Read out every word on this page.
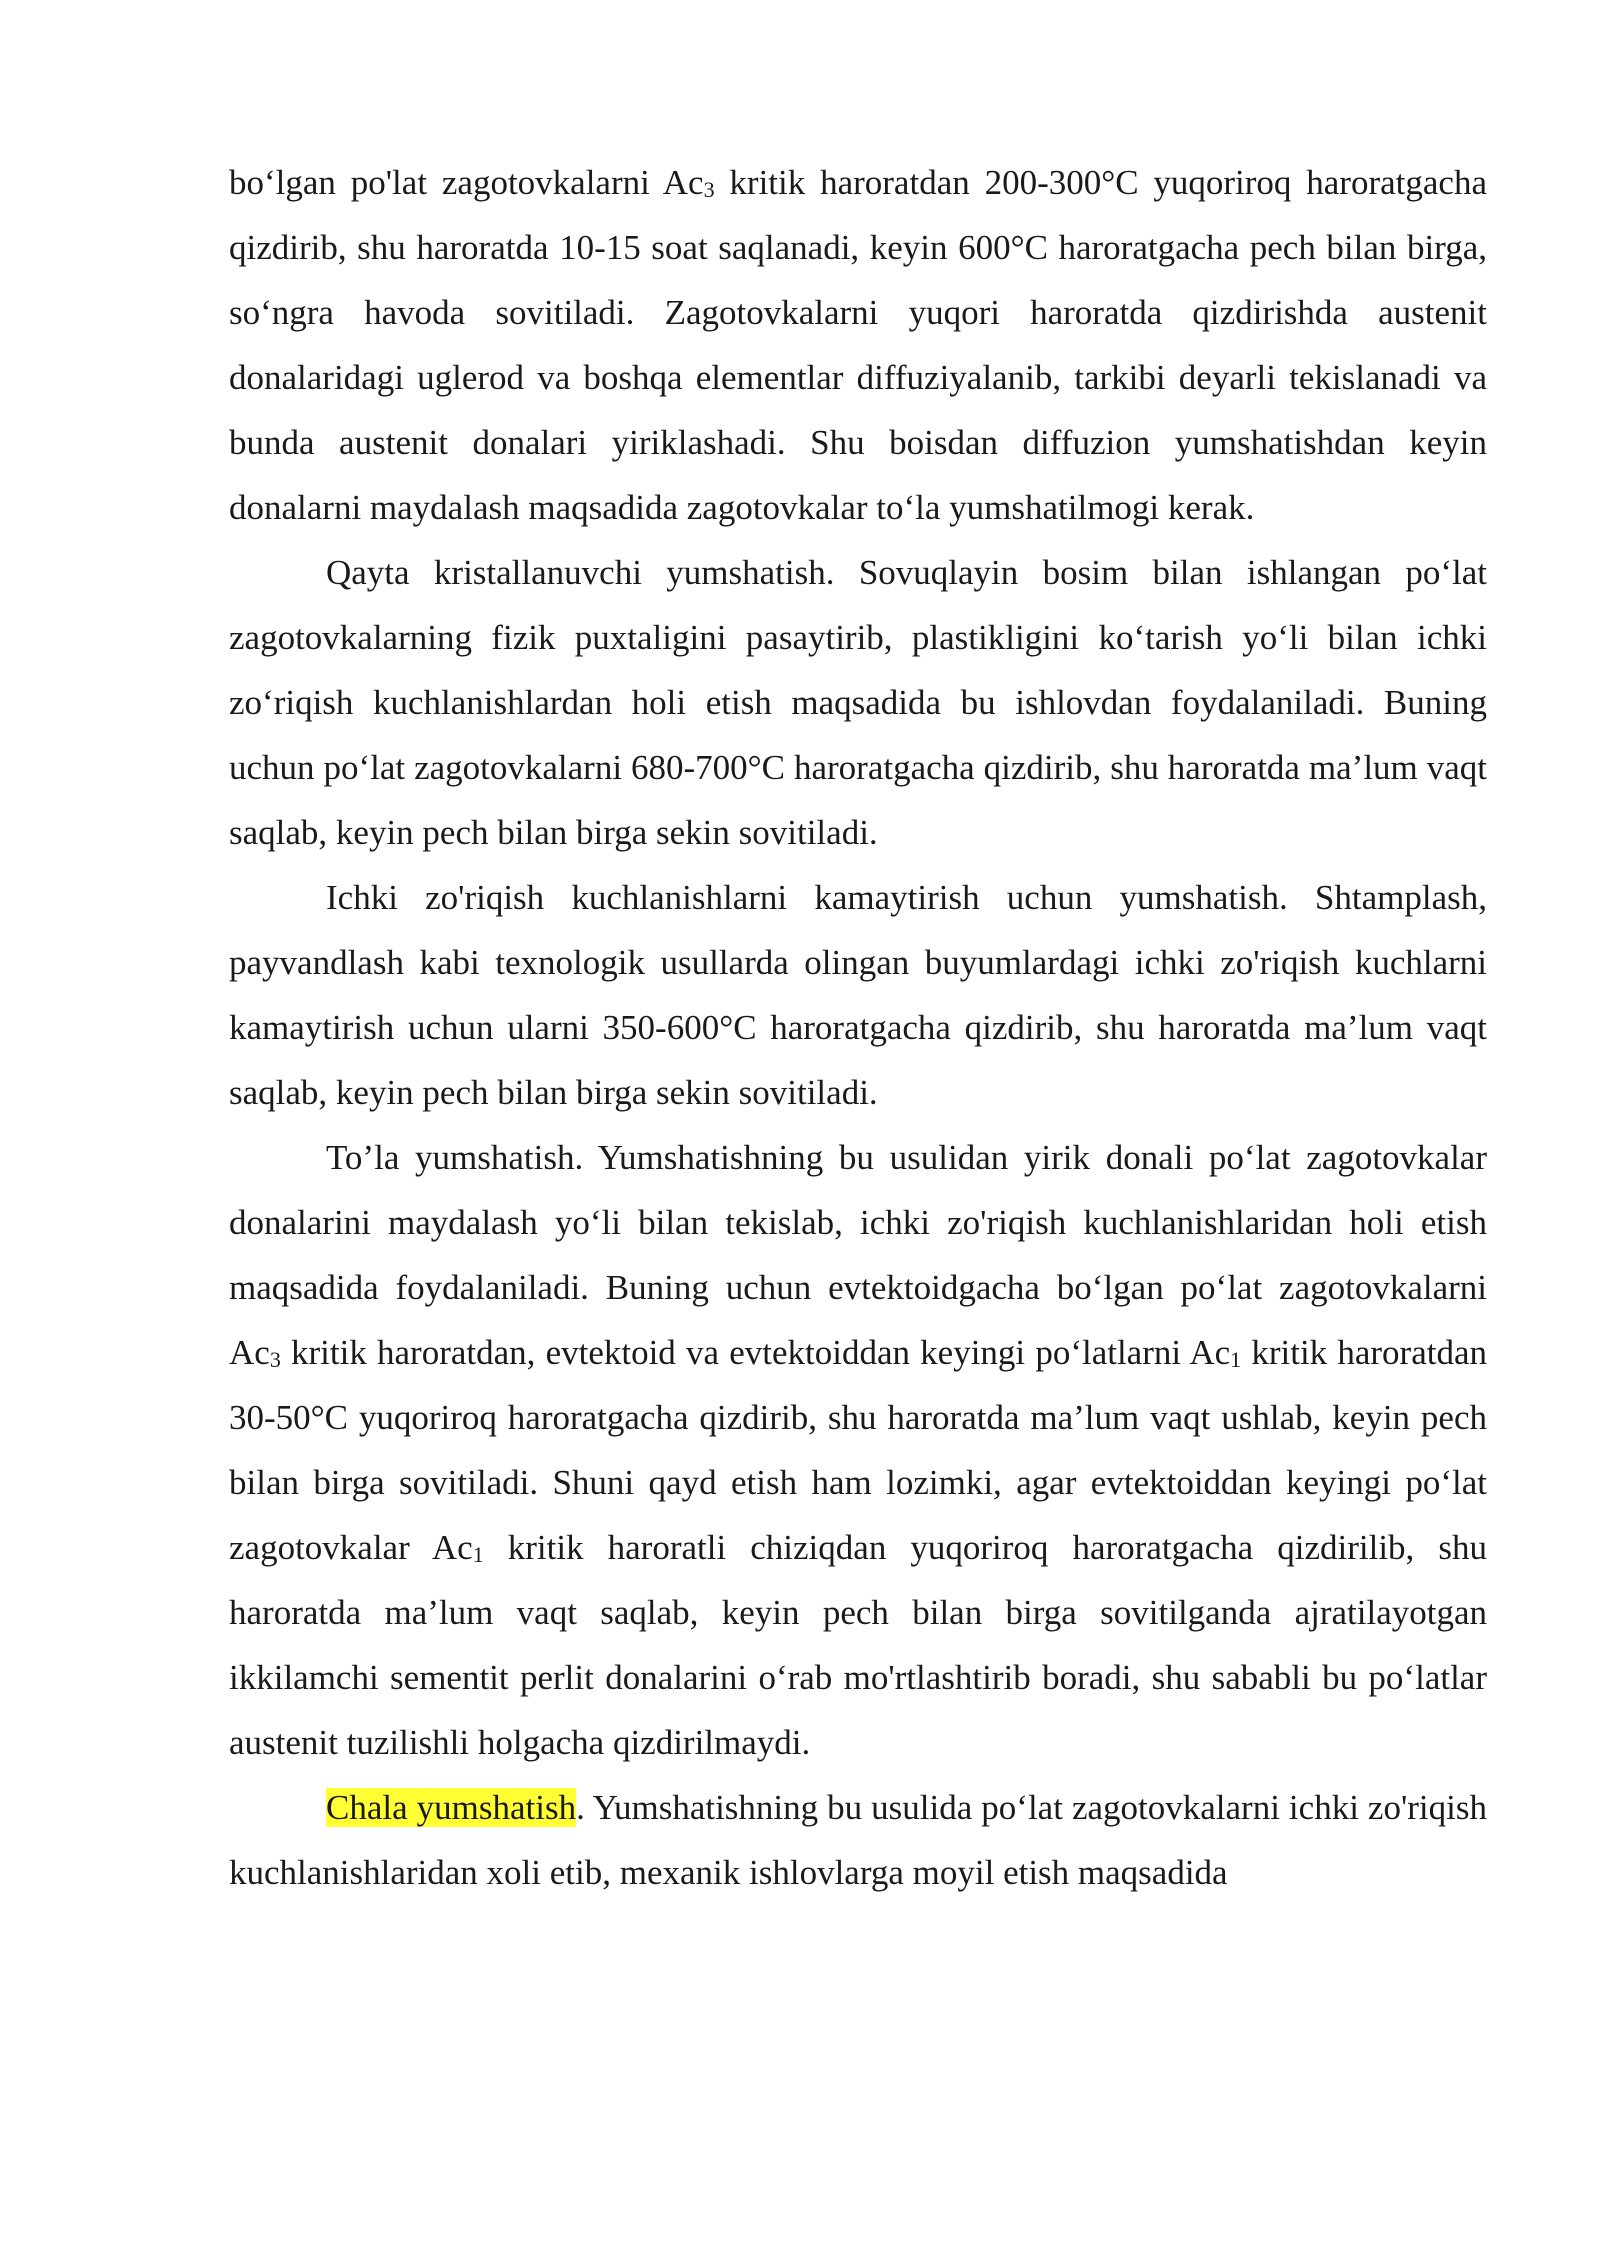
bo‘lgan po'lat zagotovkalarni $Ac_3$ kritik haroratdan 200-300°C yuqoriroq haroratgacha qizdirib, shu haroratda 10-15 soat saqlanadi, keyin 600°C haroratgacha pech bilan birga, so‘ngra havoda sovitiladi. Zagotovkalarni yuqori haroratda qizdirishda austenit donalaridagi uglerod va boshqa elementlar diffuziyalanib, tarkibi deyarli tekislanadi va bunda austenit donalari yiriklashadi. Shu boisdan diffuzion yumshatishdan keyin donalarni maydalash maqsadida zagotovkalar to‘la yumshatilmogi kerak.

Qayta kristallanuvchi yumshatish. Sovuqlayin bosim bilan ishlangan po‘lat zagotovkalarning fizik puxtaligini pasaytirib, plastikligini ko‘tarish yo‘li bilan ichki zo‘riqish kuchlanishlardan holi etish maqsadida bu ishlovdan foydalaniladi. Buning uchun po‘lat zagotovkalarni 680-700°C haroratgacha qizdirib, shu haroratda ma’lum vaqt saqlab, keyin pech bilan birga sekin sovitiladi.

Ichki zo'riqish kuchlanishlarni kamaytirish uchun yumshatish. Shtamplash, payvandlash kabi texnologik usullarda olingan buyumlardagi ichki zo'riqish kuchlarni kamaytirish uchun ularni 350-600°C haroratgacha qizdirib, shu haroratda ma’lum vaqt saqlab, keyin pech bilan birga sekin sovitiladi.

To’la yumshatish. Yumshatishning bu usulidan yirik donali po‘lat zagotovkalar donalarini maydalash yo‘li bilan tekislab, ichki zo'riqish kuchlanishlaridan holi etish maqsadida foydalaniladi. Buning uchun evtektoidgacha bo‘lgan po‘lat zagotovkalarni $Ac_3$ kritik haroratdan, evtektoid va evtektoiddan keyingi po‘latlarni $Ac_1$ kritik haroratdan 30-50°C yuqoriroq haroratgacha qizdirib, shu haroratda ma’lum vaqt ushlab, keyin pech bilan birga sovitiladi. Shuni qayd etish ham lozimki, agar evtektoiddan keyingi po‘lat zagotovkalar $Ac_1$ kritik haroratli chiziqdan yuqoriroq haroratgacha qizdirilib, shu haroratda ma’lum vaqt saqlab, keyin pech bilan birga sovitilganda ajratilayotgan ikkilamchi sementit perlit donalarini o‘rab mo'rtlashtirib boradi, shu sababli bu po‘latlar austenit tuzilishli holgacha qizdirilmaydi.

Chala yumshatish. Yumshatishning bu usulida po‘lat zagotovkalarni ichki zo'riqish kuchlanishlaridan xoli etib, mexanik ishlovlarga moyil etish maqsadida
